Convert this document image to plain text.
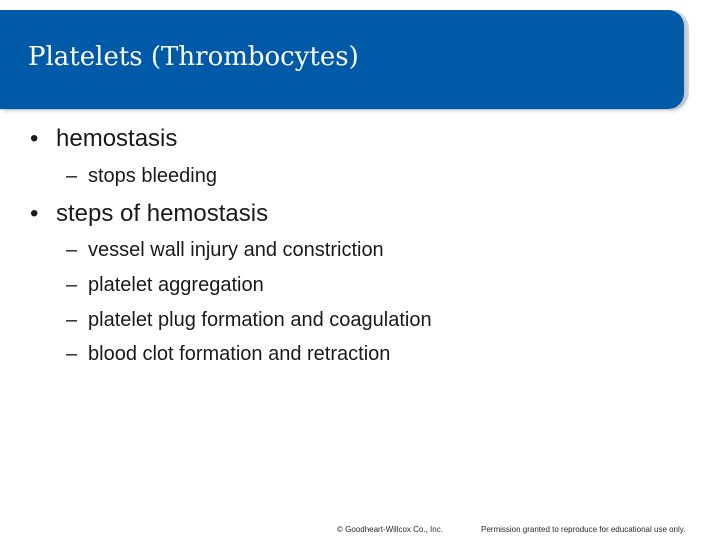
Platelets (Thrombocytes)
• hemostasis
– stops bleeding
• steps of hemostasis
– vessel wall injury and constriction
– platelet aggregation
– platelet plug formation and coagulation
– blood clot formation and retraction
© Goodheart-Willcox Co., Inc.	Permission granted to reproduce for educational use only.
